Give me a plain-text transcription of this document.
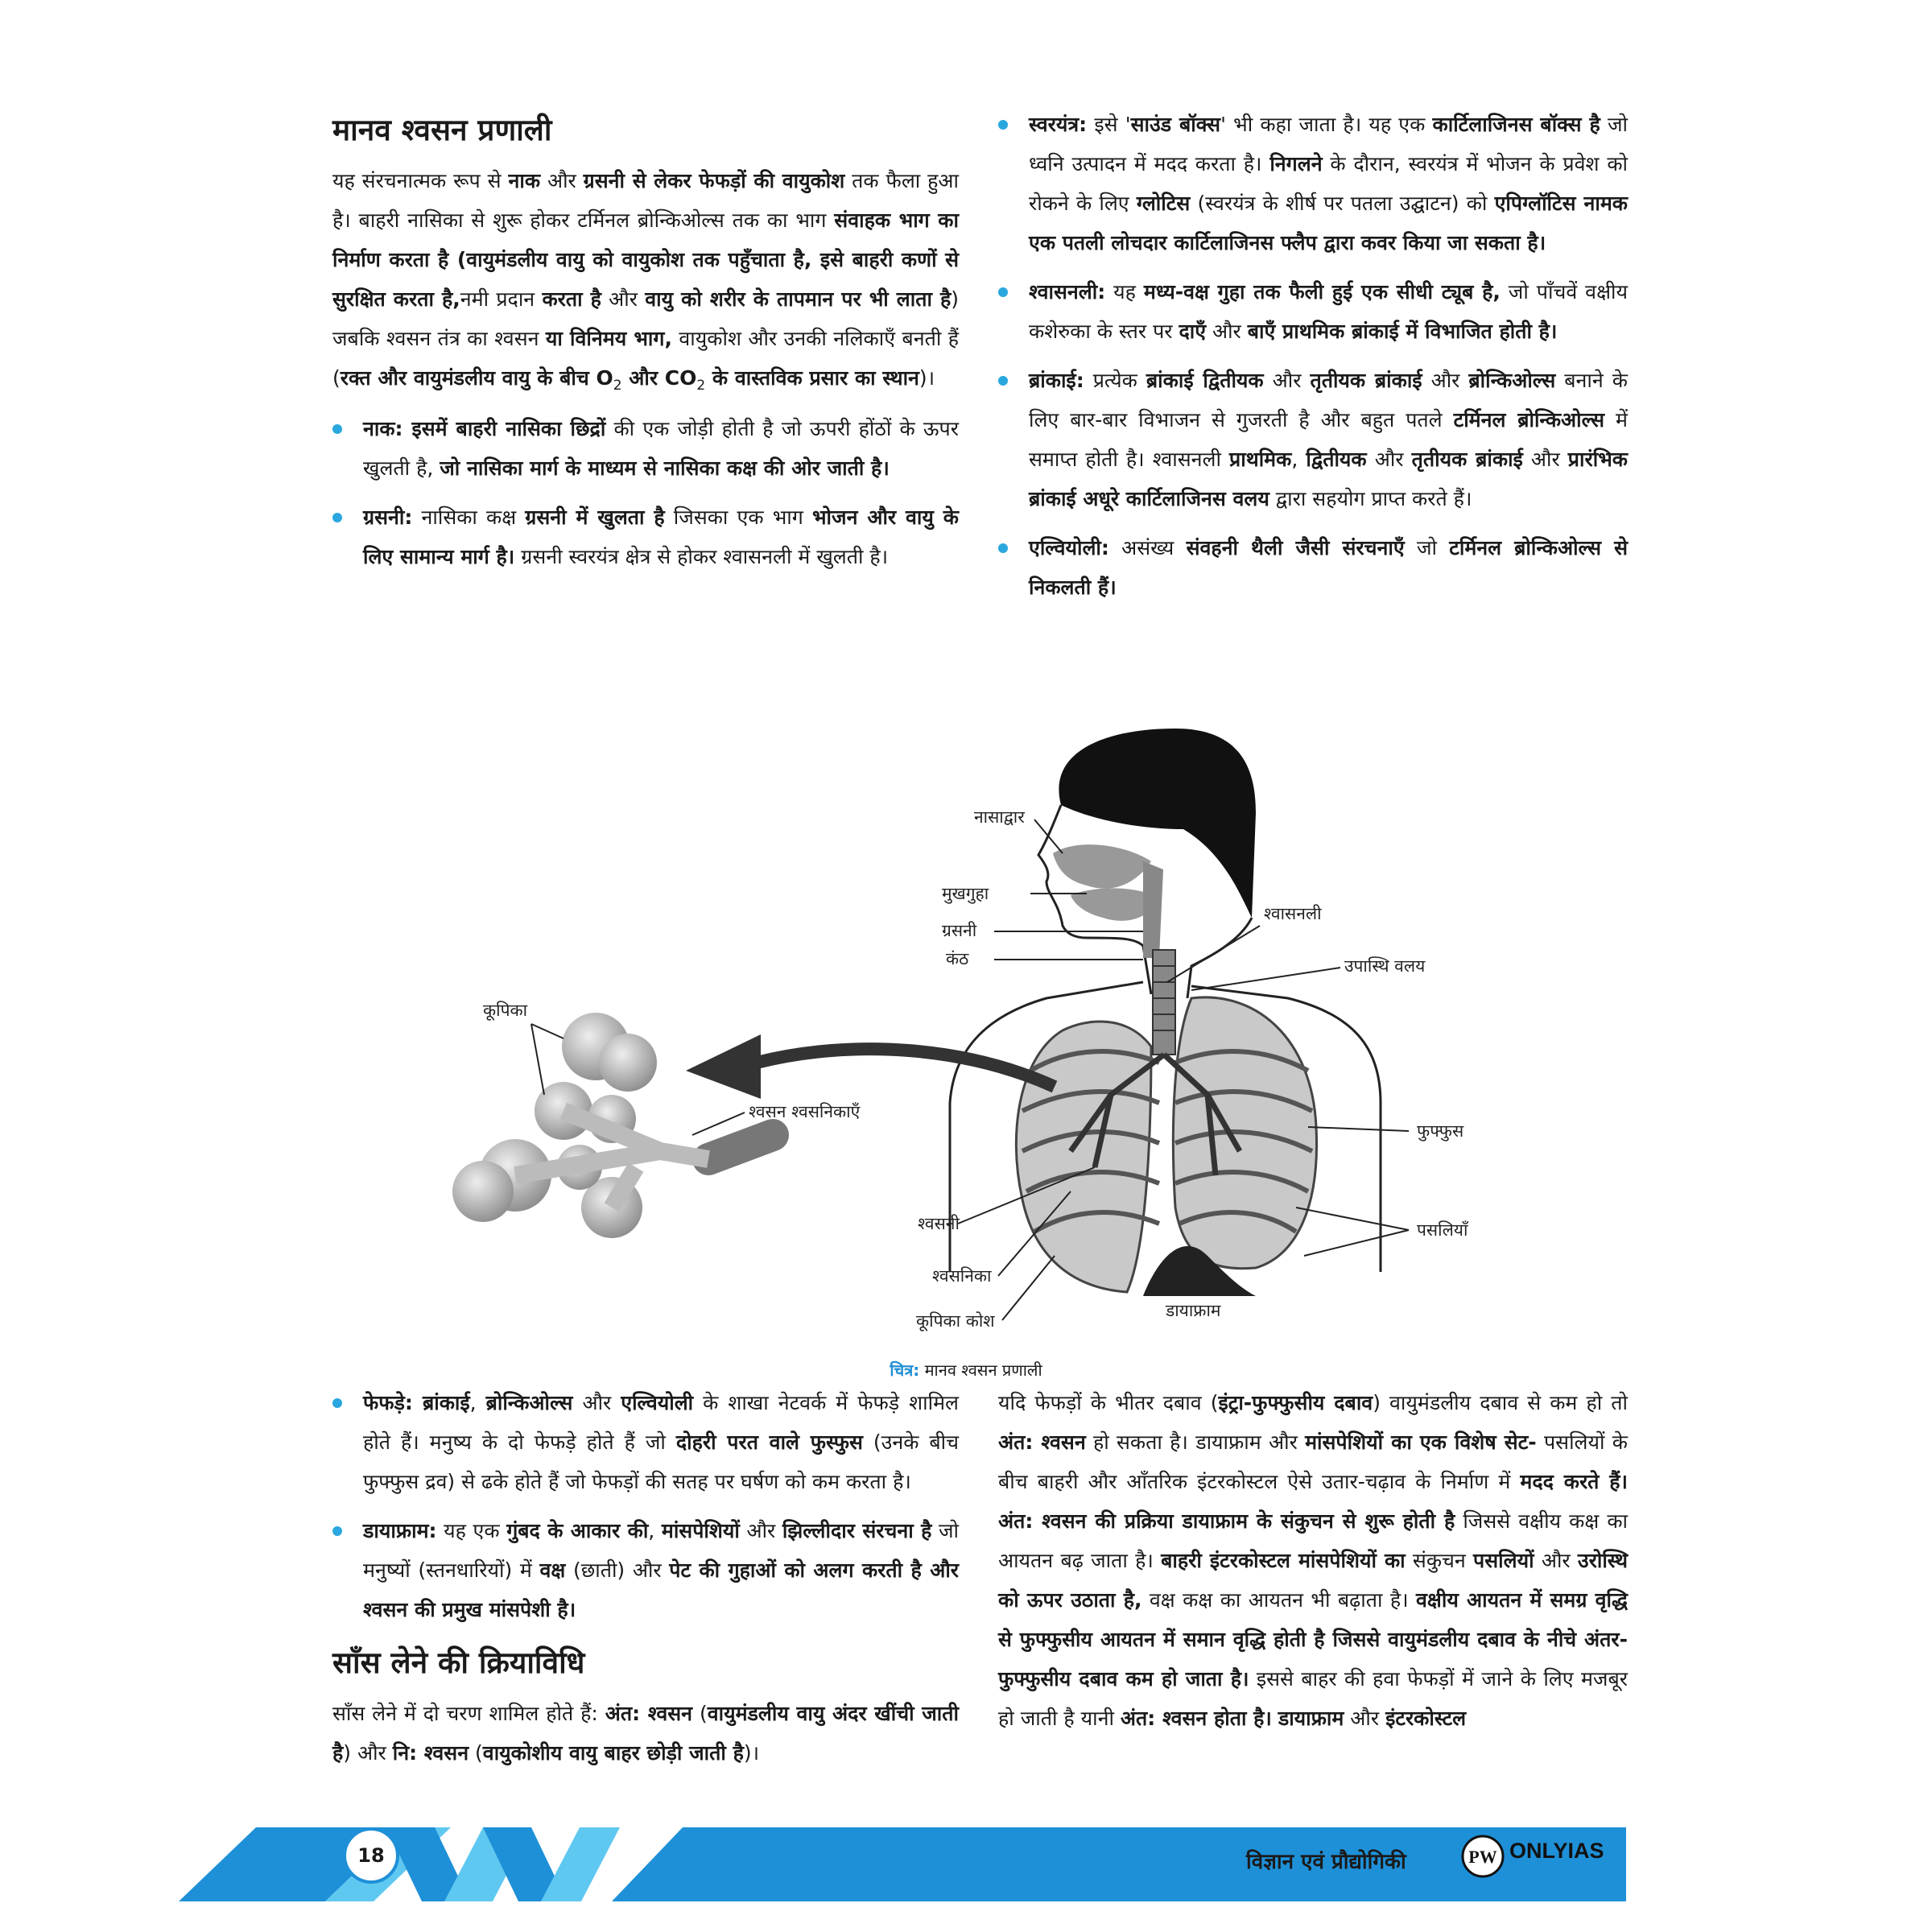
मानव श्वसन प्रणाली

यह संरचनात्मक रूप से नाक और ग्रसनी से लेकर फेफड़ों की वायुकोश तक फैला हुआ है। बाहरी नासिका से शुरू होकर टर्मिनल ब्रोन्किओल्स तक का भाग संवाहक भाग का निर्माण करता है (वायुमंडलीय वायु को वायुकोश तक पहुँचाता है, इसे बाहरी कणों से सुरक्षित करता है,नमी प्रदान करता है और वायु को शरीर के तापमान पर भी लाता है) जबकि श्वसन तंत्र का श्वसन या विनिमय भाग, वायुकोश और उनकी नलिकाएँ बनती हैं (रक्त और वायुमंडलीय वायु के बीच $O_2$ और $CO_2$ के वास्तविक प्रसार का स्थान)।

नाक: इसमें बाहरी नासिका छिद्रों की एक जोड़ी होती है जो ऊपरी होंठों के ऊपर खुलती है, जो नासिका मार्ग के माध्यम से नासिका कक्ष की ओर जाती है।
ग्रसनी: नासिका कक्ष ग्रसनी में खुलता है जिसका एक भाग भोजन और वायु के लिए सामान्य मार्ग है। ग्रसनी स्वरयंत्र क्षेत्र से होकर श्वासनली में खुलती है।
स्वरयंत्र: इसे 'साउंड बॉक्स' भी कहा जाता है। यह एक कार्टिलाजिनस बॉक्स है जो ध्वनि उत्पादन में मदद करता है। निगलने के दौरान, स्वरयंत्र में भोजन के प्रवेश को रोकने के लिए ग्लोटिस (स्वरयंत्र के शीर्ष पर पतला उद्घाटन) को एपिग्लॉटिस नामक एक पतली लोचदार कार्टिलाजिनस फ्लैप द्वारा कवर किया जा सकता है।
श्वासनली: यह मध्य-वक्ष गुहा तक फैली हुई एक सीधी ट्यूब है, जो पाँचवें वक्षीय कशेरुका के स्तर पर दाएँ और बाएँ प्राथमिक ब्रांकाई में विभाजित होती है।
ब्रांकाई: प्रत्येक ब्रांकाई द्वितीयक और तृतीयक ब्रांकाई और ब्रोन्किओल्स बनाने के लिए बार-बार विभाजन से गुजरती है और बहुत पतले टर्मिनल ब्रोन्किओल्स में समाप्त होती है। श्वासनली प्राथमिक, द्वितीयक और तृतीयक ब्रांकाई और प्रारंभिक ब्रांकाई अधूरे कार्टिलाजिनस वलय द्वारा सहयोग प्राप्त करते हैं।
एल्वियोली: असंख्य संवहनी थैली जैसी संरचनाएँ जो टर्मिनल ब्रोन्किओल्स से निकलती हैं।
नासाद्वार
मुखगुहा
ग्रसनी
कंठ
श्वासनली
उपास्थि वलय
कूपिका
श्वसन श्वसनिकाएँ
फुफ्फुस
श्वसनी	पसलियाँ
श्वसनिका
कूपिका कोश
डायाफ्राम
चित्र: मानव श्वसन प्रणाली
फेफड़े: ब्रांकाई, ब्रोन्किओल्स और एल्वियोली के शाखा नेटवर्क में फेफड़े शामिल होते हैं। मनुष्य के दो फेफड़े होते हैं जो दोहरी परत वाले फुस्फुस (उनके बीच फुफ्फुस द्रव) से ढके होते हैं जो फेफड़ों की सतह पर घर्षण को कम करता है।
डायाफ्राम: यह एक गुंबद के आकार की, मांसपेशियों और झिल्लीदार संरचना है जो मनुष्यों (स्तनधारियों) में वक्ष (छाती) और पेट की गुहाओं को अलग करती है और श्वसन की प्रमुख मांसपेशी है।
साँस लेने की क्रियाविधि

साँस लेने में दो चरण शामिल होते हैं: अंत: श्वसन (वायुमंडलीय वायु अंदर खींची जाती है) और नि: श्वसन (वायुकोशीय वायु बाहर छोड़ी जाती है)।

यदि फेफड़ों के भीतर दबाव (इंट्रा-फुफ्फुसीय दबाव) वायुमंडलीय दबाव से कम हो तो अंत: श्वसन हो सकता है। डायाफ्राम और मांसपेशियों का एक विशेष सेट- पसलियों के बीच बाहरी और आँतरिक इंटरकोस्टल ऐसे उतार-चढ़ाव के निर्माण में मदद करते हैं। अंत: श्वसन की प्रक्रिया डायाफ्राम के संकुचन से शुरू होती है जिससे वक्षीय कक्ष का आयतन बढ़ जाता है। बाहरी इंटरकोस्टल मांसपेशियों का संकुचन पसलियों और उरोस्थि को ऊपर उठाता है, वक्ष कक्ष का आयतन भी बढ़ाता है। वक्षीय आयतन में समग्र वृद्धि से फुफ्फुसीय आयतन में समान वृद्धि होती है जिससे वायुमंडलीय दबाव के नीचे अंतर-फुफ्फुसीय दबाव कम हो जाता है। इससे बाहर की हवा फेफड़ों में जाने के लिए मजबूर हो जाती है यानी अंत: श्वसन होता है। डायाफ्राम और इंटरकोस्टल

18	विज्ञान एवं प्रौद्योगिकी	PW ONLYIAS
BY PHYSICS WALLAH
